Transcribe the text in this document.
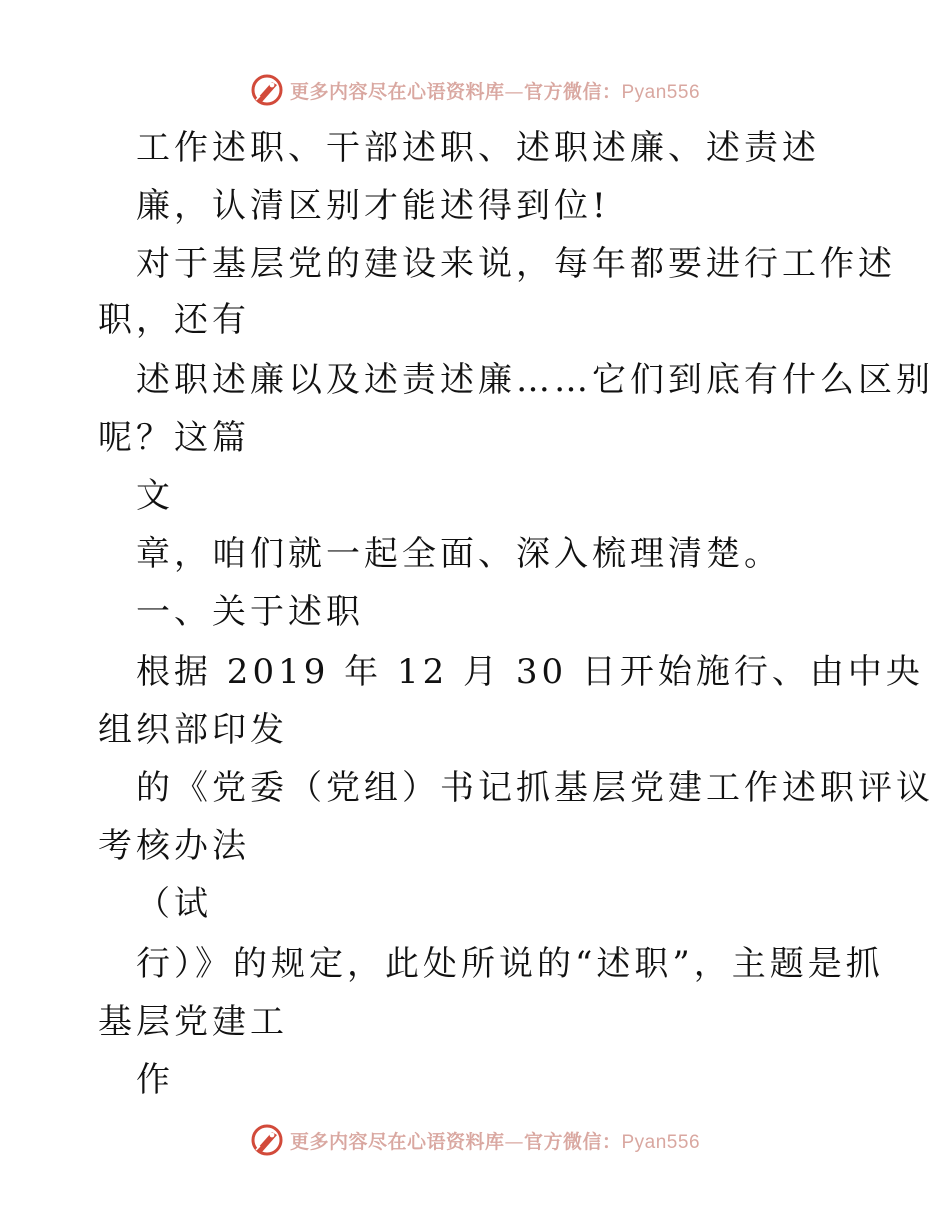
更多内容尽在心语资料库—官方微信：Pyan556
工作述职、干部述职、述职述廉、述责述
廉，认清区别才能述得到位!
对于基层党的建设来说，每年都要进行工作述
职，还有
述职述廉以及述责述廉……它们到底有什么区别
呢？这篇
文
章，咱们就一起全面、深入梳理清楚。
一、关于述职
根据 2019 年 12 月 30 日开始施行、由中央
组织部印发
的《党委（党组）书记抓基层党建工作述职评议
考核办法
（试
行）》的规定，此处所说的“述职”，主题是抓
基层党建工
作
更多内容尽在心语资料库—官方微信：Pyan556
